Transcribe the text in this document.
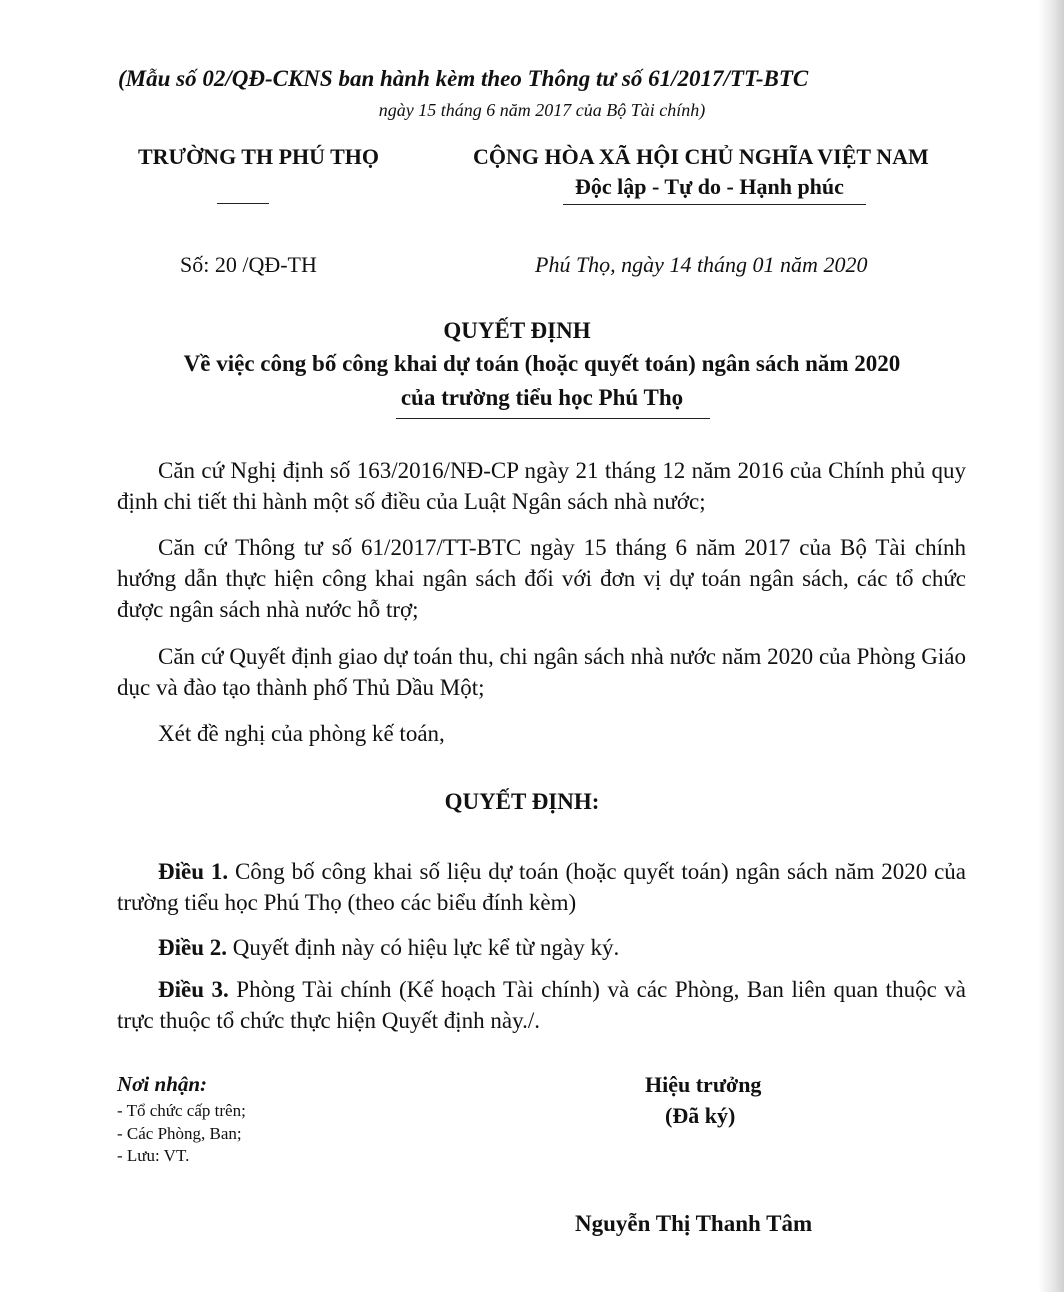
(Mẫu số 02/QĐ-CKNS ban hành kèm theo Thông tư số 61/2017/TT-BTC
ngày 15 tháng 6 năm 2017 của Bộ Tài chính)
TRƯỜNG TH PHÚ THỌ	CỘNG HÒA XÃ HỘI CHỦ NGHĨA VIỆT NAM
Độc lập - Tự do - Hạnh phúc
Số: 20 /QĐ-TH	Phú Thọ, ngày 14 tháng 01 năm 2020
QUYẾT ĐỊNH
Về việc công bố công khai dự toán (hoặc quyết toán) ngân sách năm 2020
của trường tiểu học Phú Thọ
Căn cứ Nghị định số 163/2016/NĐ-CP ngày 21 tháng 12 năm 2016 của Chính phủ quy định chi tiết thi hành một số điều của Luật Ngân sách nhà nước;
Căn cứ Thông tư số 61/2017/TT-BTC ngày 15 tháng 6 năm 2017 của Bộ Tài chính hướng dẫn thực hiện công khai ngân sách đối với đơn vị dự toán ngân sách, các tổ chức được ngân sách nhà nước hỗ trợ;
Căn cứ Quyết định giao dự toán thu, chi ngân sách nhà nước năm 2020 của Phòng Giáo dục và đào tạo thành phố Thủ Dầu Một;
Xét đề nghị của phòng kế toán,
QUYẾT ĐỊNH:
Điều 1. Công bố công khai số liệu dự toán (hoặc quyết toán) ngân sách năm 2020 của trường tiểu học Phú Thọ (theo các biểu đính kèm)
Điều 2. Quyết định này có hiệu lực kể từ ngày ký.
Điều 3. Phòng Tài chính (Kế hoạch Tài chính) và các Phòng, Ban liên quan thuộc và trực thuộc tổ chức thực hiện Quyết định này./.
Nơi nhận:
- Tổ chức cấp trên;
- Các Phòng, Ban;
- Lưu: VT.
Hiệu trưởng
(Đã ký)
Nguyễn Thị Thanh Tâm
